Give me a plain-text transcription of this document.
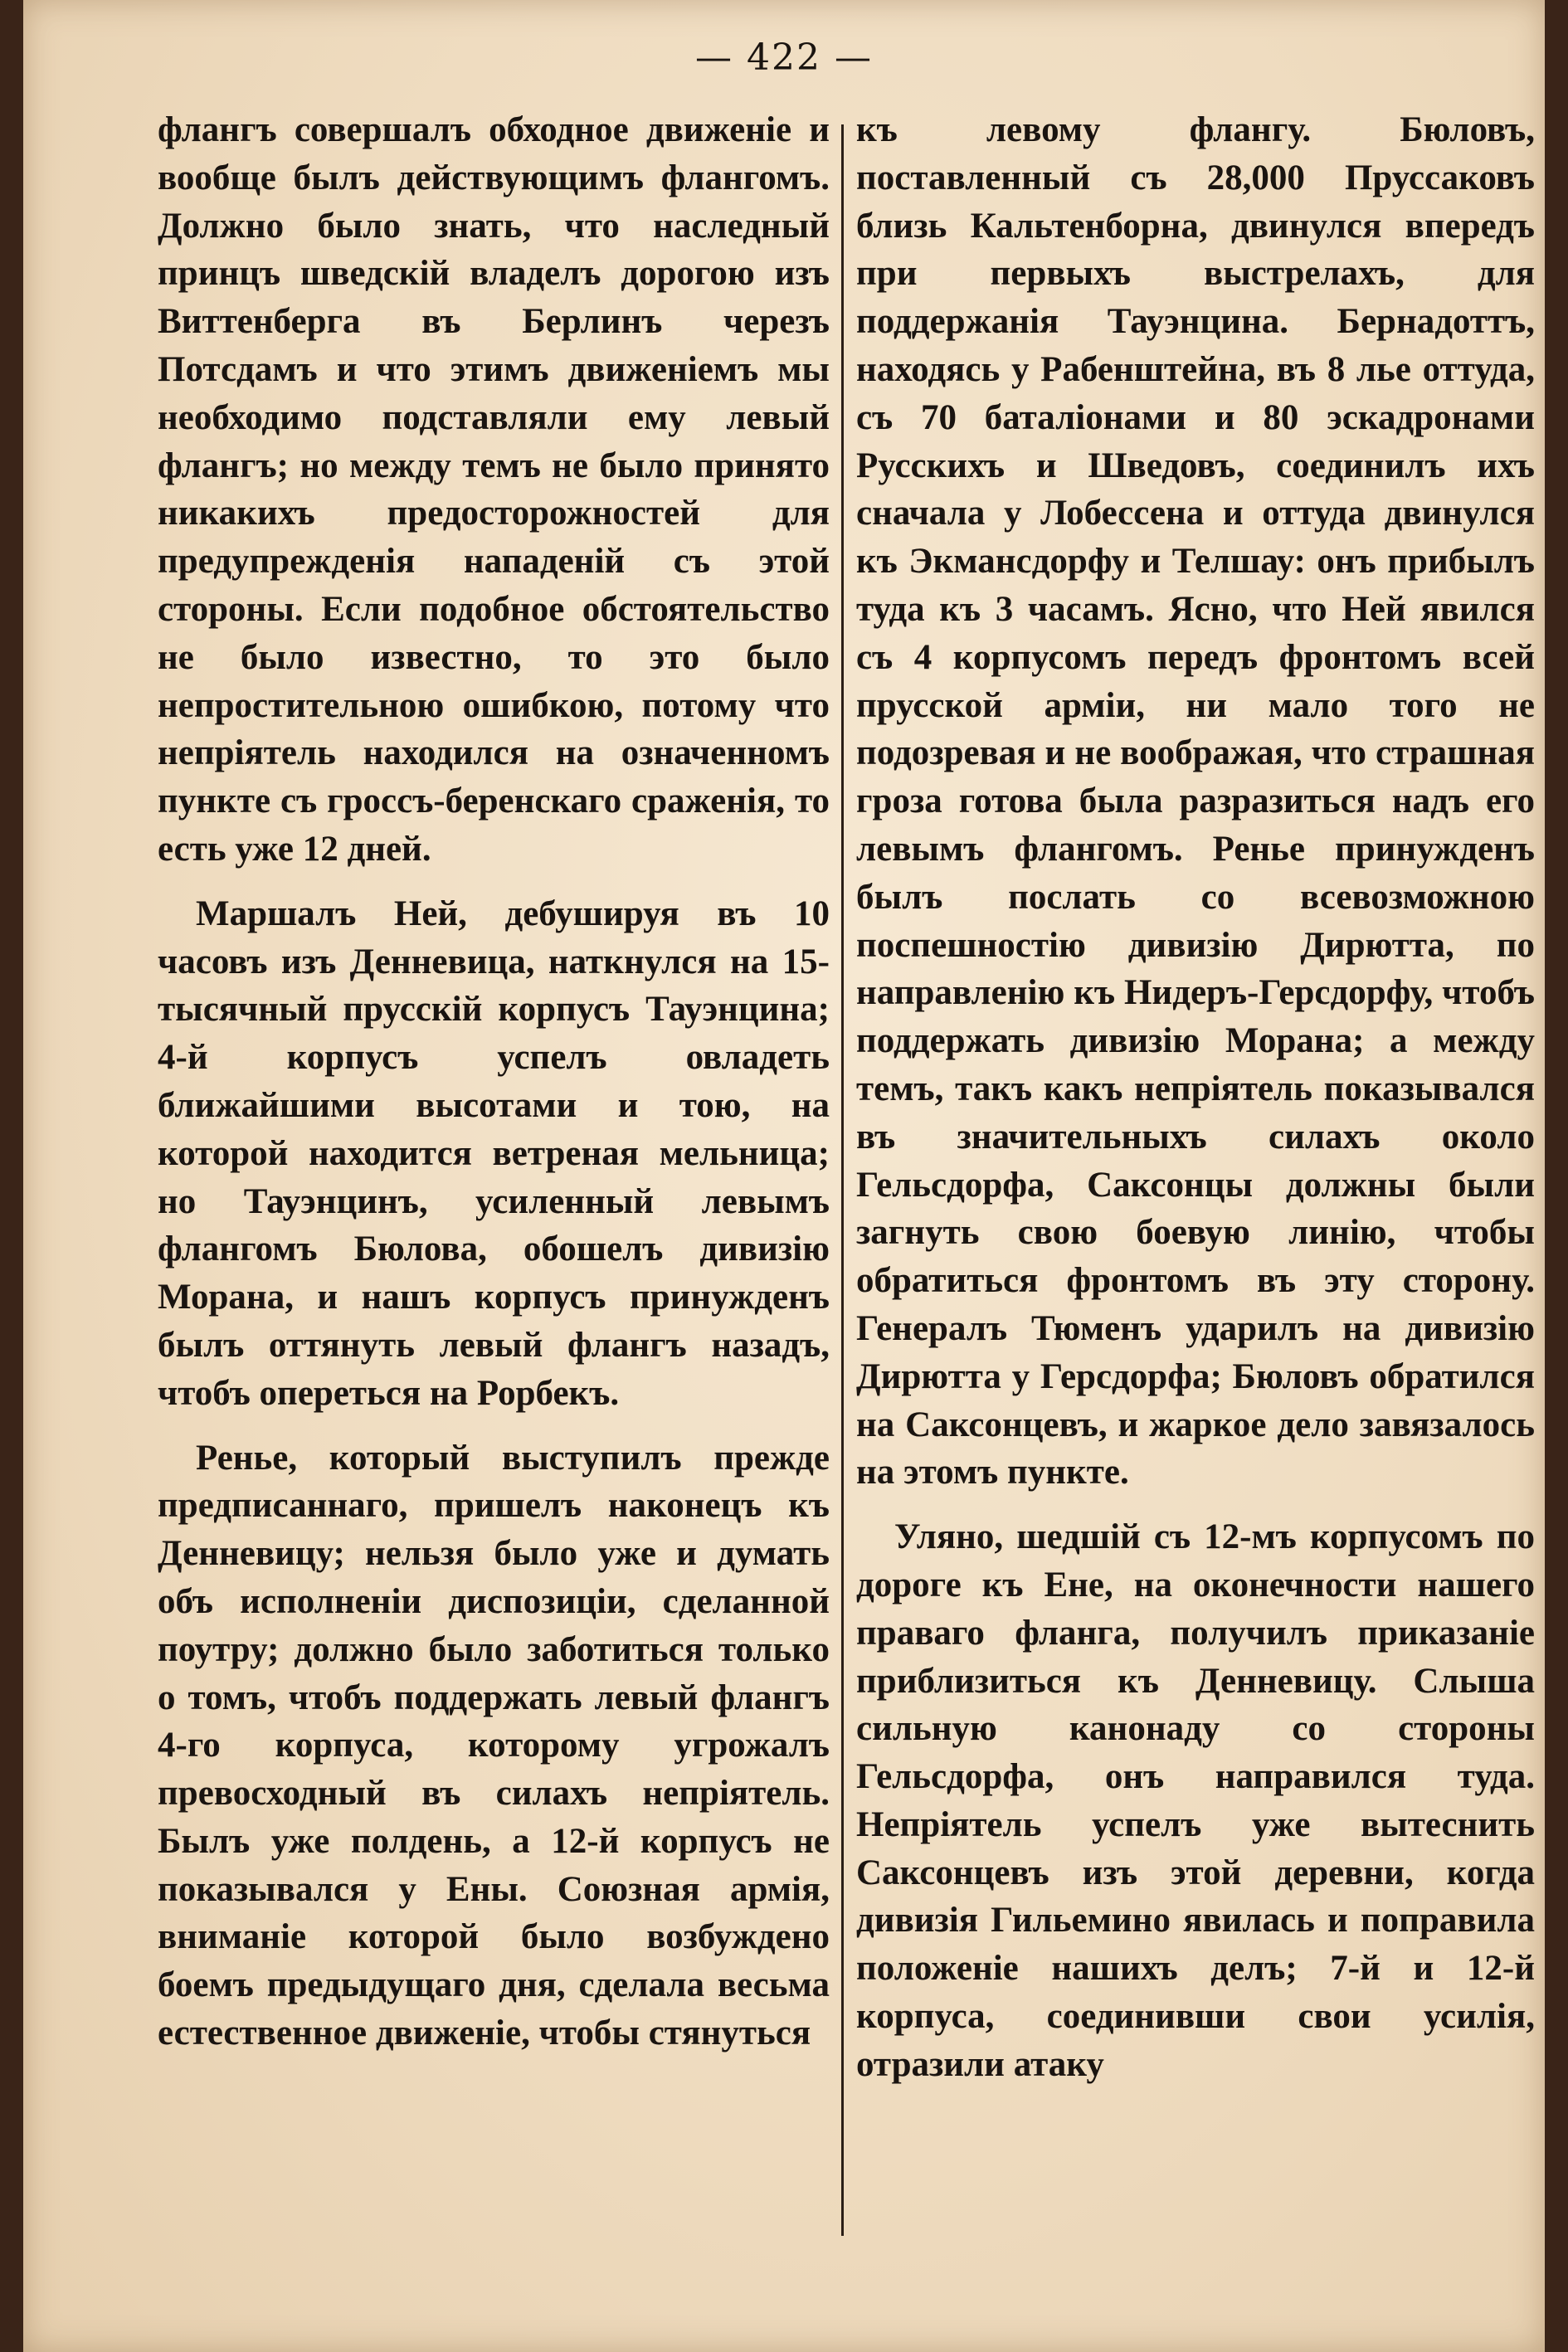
— 422 —

флангъ совершалъ обходное движеніе и вообще былъ действующимъ флангомъ. Должно было знать, что наследный принцъ шведскій владелъ дорогою изъ Виттенберга въ Берлинъ черезъ Потсдамъ и что этимъ движеніемъ мы необходимо подставляли ему левый флангъ; но между темъ не было принято никакихъ предосторожностей для предупрежденія нападеній съ этой стороны. Если подобное обстоятельство не было известно, то это было непростительною ошибкою, потому что непріятель находился на означенномъ пункте съ гроссъ-беренскаго сраженія, то есть уже 12 дней.

Маршалъ Ней, дебушируя въ 10 часовъ изъ Денневица, наткнулся на 15-тысячный прусскій корпусъ Тауэнцина; 4-й корпусъ успелъ овладеть ближайшими высотами и тою, на которой находится ветреная мельница; но Тауэнцинъ, усиленный левымъ флангомъ Бюлова, обошелъ дивизію Морана, и нашъ корпусъ принужденъ былъ оттянуть левый флангъ назадъ, чтобъ опереться на Рорбекъ.

Ренье, который выступилъ прежде предписаннаго, пришелъ наконецъ къ Денневицу; нельзя было уже и думать объ исполненіи диспозиціи, сделанной поутру; должно было заботиться только о томъ, чтобъ поддержать левый флангъ 4-го корпуса, которому угрожалъ превосходный въ силахъ непріятель. Былъ уже полдень, а 12-й корпусъ не показывался у Ены. Союзная армія, вниманіе которой было возбуждено боемъ предыдущаго дня, сделала весьма естественное движеніе, чтобы стянуться

къ левому флангу. Бюловъ, поставленный съ 28,000 Пруссаковъ близь Кальтенборна, двинулся впередъ при первыхъ выстрелахъ, для поддержанія Тауэнцина. Бернадоттъ, находясь у Рабенштейна, въ 8 лье оттуда, съ 70 баталіонами и 80 эскадронами Русскихъ и Шведовъ, соединилъ ихъ сначала у Лобессена и оттуда двинулся къ Экмансдорфу и Телшау: онъ прибылъ туда къ 3 часамъ. Ясно, что Ней явился съ 4 корпусомъ передъ фронтомъ всей прусской арміи, ни мало того не подозревая и не воображая, что страшная гроза готова была разразиться надъ его левымъ флангомъ. Ренье принужденъ былъ послать со всевозможною поспешностію дивизію Дирютта, по направленію къ Нидеръ-Герсдорфу, чтобъ поддержать дивизію Морана; а между темъ, такъ какъ непріятель показывался въ значительныхъ силахъ около Гельсдорфа, Саксонцы должны были загнуть свою боевую линію, чтобы обратиться фронтомъ въ эту сторону. Генералъ Тюменъ ударилъ на дивизію Дирютта у Герсдорфа; Бюловъ обратился на Саксонцевъ, и жаркое дело завязалось на этомъ пункте.

Уляно, шедшій съ 12-мъ корпусомъ по дороге къ Ене, на оконечности нашего праваго фланга, получилъ приказаніе приблизиться къ Денневицу. Слыша сильную канонаду со стороны Гельсдорфа, онъ направился туда. Непріятель успелъ уже вытеснить Саксонцевъ изъ этой деревни, когда дивизія Гильемино явилась и поправила положеніе нашихъ делъ; 7-й и 12-й корпуса, соединивши свои усилія, отразили атаку
